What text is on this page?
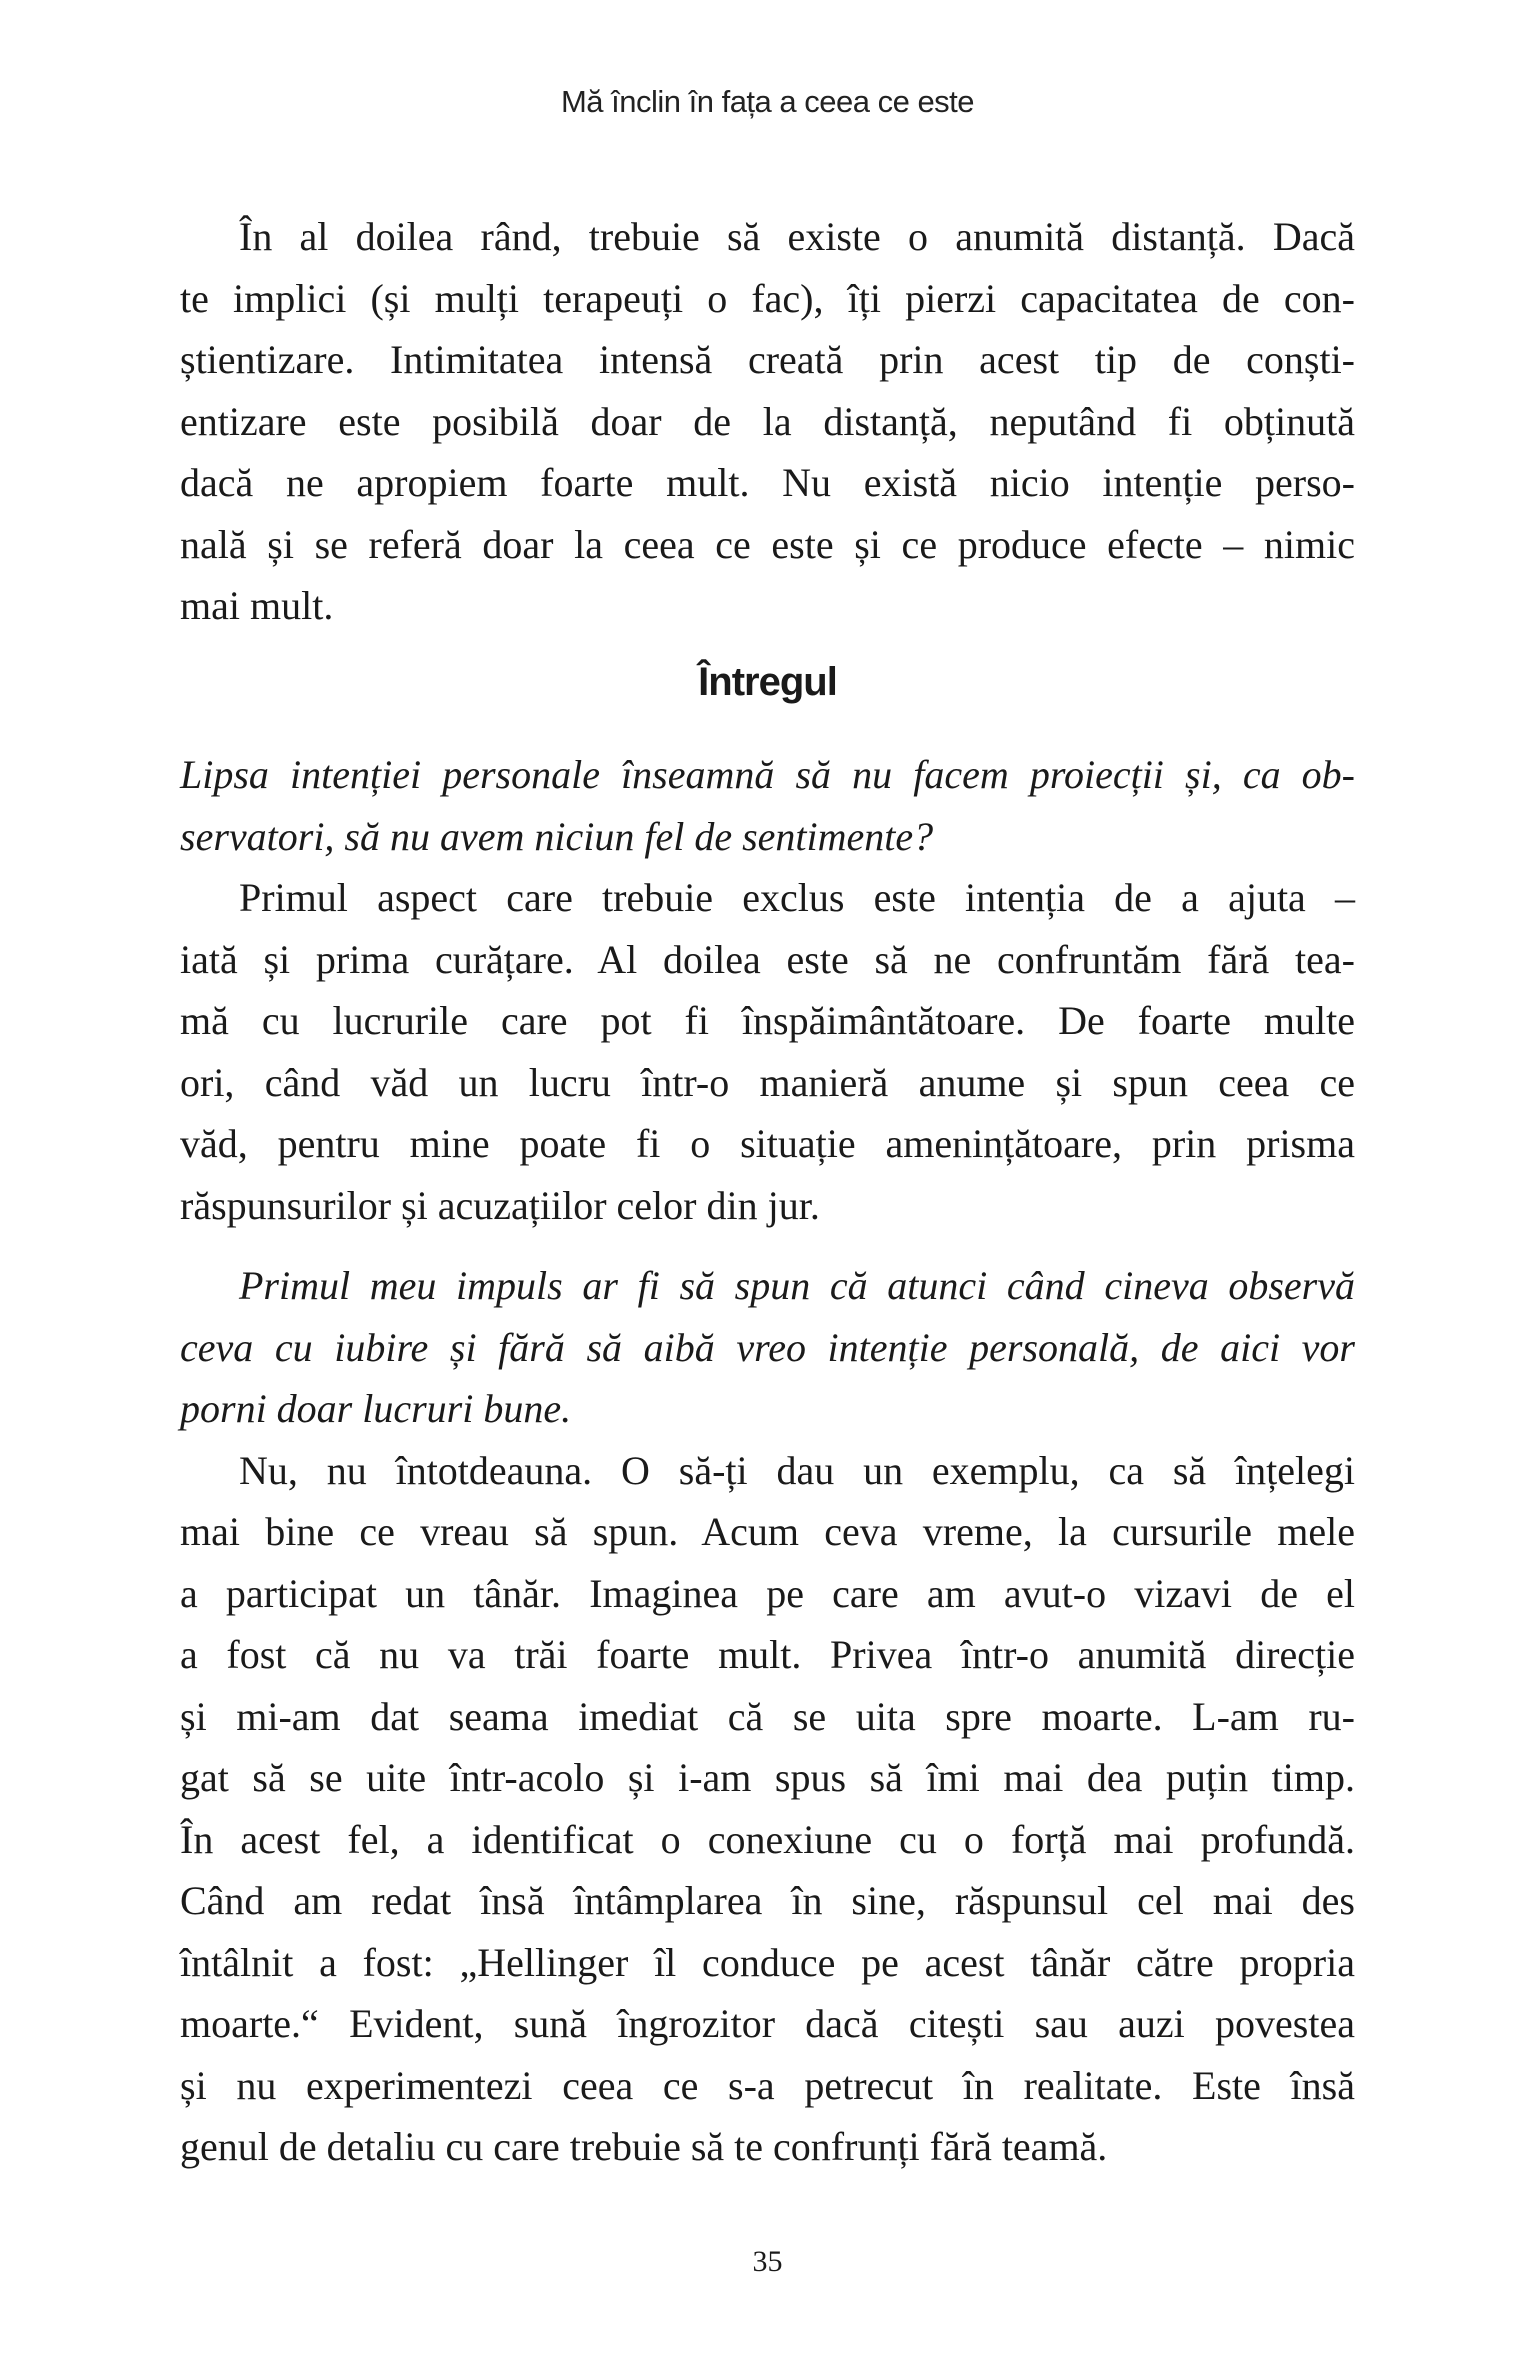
Mă înclin în fața a ceea ce este
În al doilea rând, trebuie să existe o anumită distanță. Dacă
te implici (și mulți terapeuți o fac), îți pierzi capacitatea de con-
știentizare. Intimitatea intensă creată prin acest tip de conști-
entizare este posibilă doar de la distanță, neputând fi obținută
dacă ne apropiem foarte mult. Nu există nicio intenție perso-
nală și se referă doar la ceea ce este și ce produce efecte – nimic
mai mult.
Întregul
Lipsa intenției personale înseamnă să nu facem proiecții și, ca ob-
servatori, să nu avem niciun fel de sentimente?
Primul aspect care trebuie exclus este intenția de a ajuta –
iată și prima curățare. Al doilea este să ne confruntăm fără tea-
mă cu lucrurile care pot fi înspăimântătoare. De foarte multe
ori, când văd un lucru într-o manieră anume și spun ceea ce
văd, pentru mine poate fi o situație amenințătoare, prin prisma
răspunsurilor și acuzațiilor celor din jur.
Primul meu impuls ar fi să spun că atunci când cineva observă
ceva cu iubire și fără să aibă vreo intenție personală, de aici vor
porni doar lucruri bune.
Nu, nu întotdeauna. O să-ți dau un exemplu, ca să înțelegi
mai bine ce vreau să spun. Acum ceva vreme, la cursurile mele
a participat un tânăr. Imaginea pe care am avut-o vizavi de el
a fost că nu va trăi foarte mult. Privea într-o anumită direcție
și mi-am dat seama imediat că se uita spre moarte. L-am ru-
gat să se uite într-acolo și i-am spus să îmi mai dea puțin timp.
În acest fel, a identificat o conexiune cu o forță mai profundă.
Când am redat însă întâmplarea în sine, răspunsul cel mai des
întâlnit a fost: „Hellinger îl conduce pe acest tânăr către propria
moarte.“ Evident, sună îngrozitor dacă citești sau auzi povestea
și nu experimentezi ceea ce s-a petrecut în realitate. Este însă
genul de detaliu cu care trebuie să te confrunți fără teamă.
35
